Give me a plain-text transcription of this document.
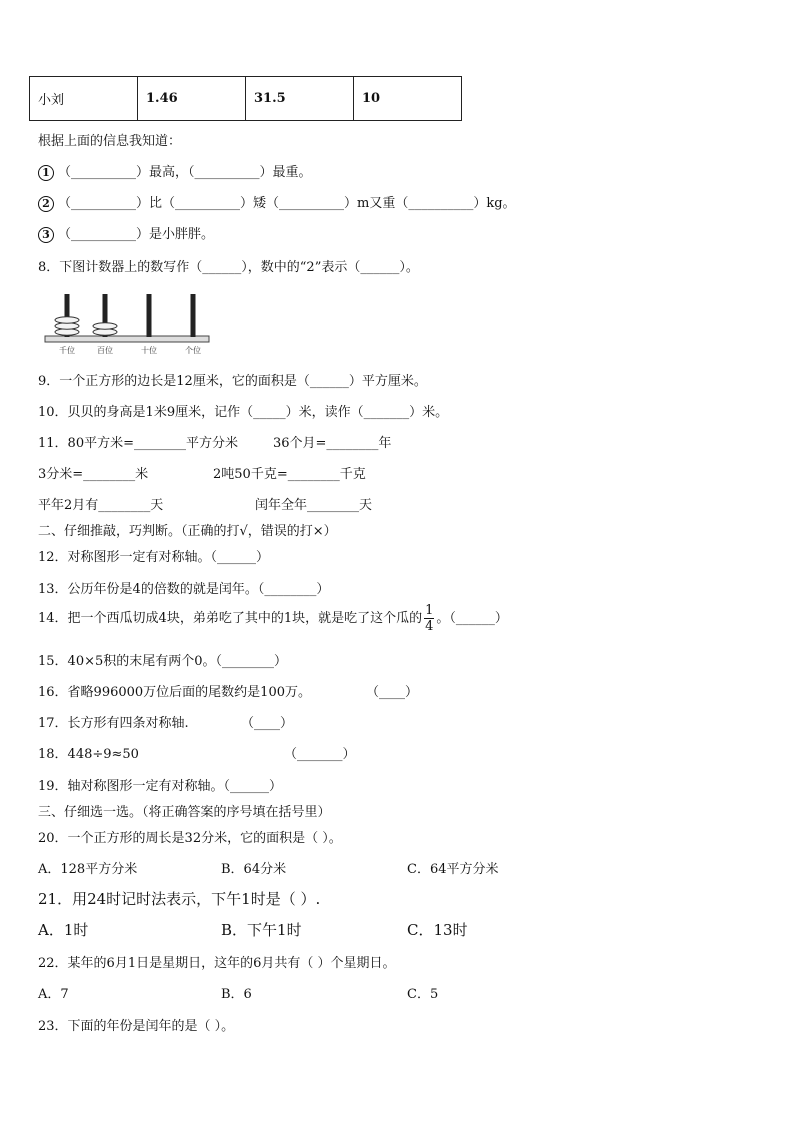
小刘	1.46	31.5	10
根据上面的信息我知道：
1 （__________）最高，（__________）最重。
2 （__________）比（__________）矮（__________）m又重（__________）kg。
3 （__________）是小胖胖。
8．下图计数器上的数写作（______），数中的“2”表示（______）。
千位	百位	十位	个位
9．一个正方形的边长是12厘米，它的面积是（______）平方厘米。
10．贝贝的身高是1米9厘米，记作（_____）米，读作（_______）米。
11．80平方米=________平方分米	36个月=________年
3分米=________米	2吨50千克=________千克
平年2月有________天	闰年全年________天
二、仔细推敲，巧判断。（正确的打√，错误的打×）
12．对称图形一定有对称轴。（______）
13．公历年份是4的倍数的就是闰年。（________）
14．把一个西瓜切成4块，弟弟吃了其中的1块，就是吃了这个瓜的 $\frac{1}{4}$ 。（______）
15．40×5积的末尾有两个0。（________）
16．省略996000万位后面的尾数约是100万。	（____）
17．长方形有四条对称轴.	（____）
18．448÷9≈50	（_______）
19．轴对称图形一定有对称轴。（______）
三、仔细选一选。（将正确答案的序号填在括号里）
20．一个正方形的周长是32分米，它的面积是（ ）。
A．128平方分米	B．64分米	C．64平方分米
21．用24时记时法表示，下午1时是（ ）.
A．1时	B．下午1时	C．13时
22．某年的6月1日是星期日，这年的6月共有（ ）个星期日。
A．7	B．6	C．5
23．下面的年份是闰年的是（ ）。
